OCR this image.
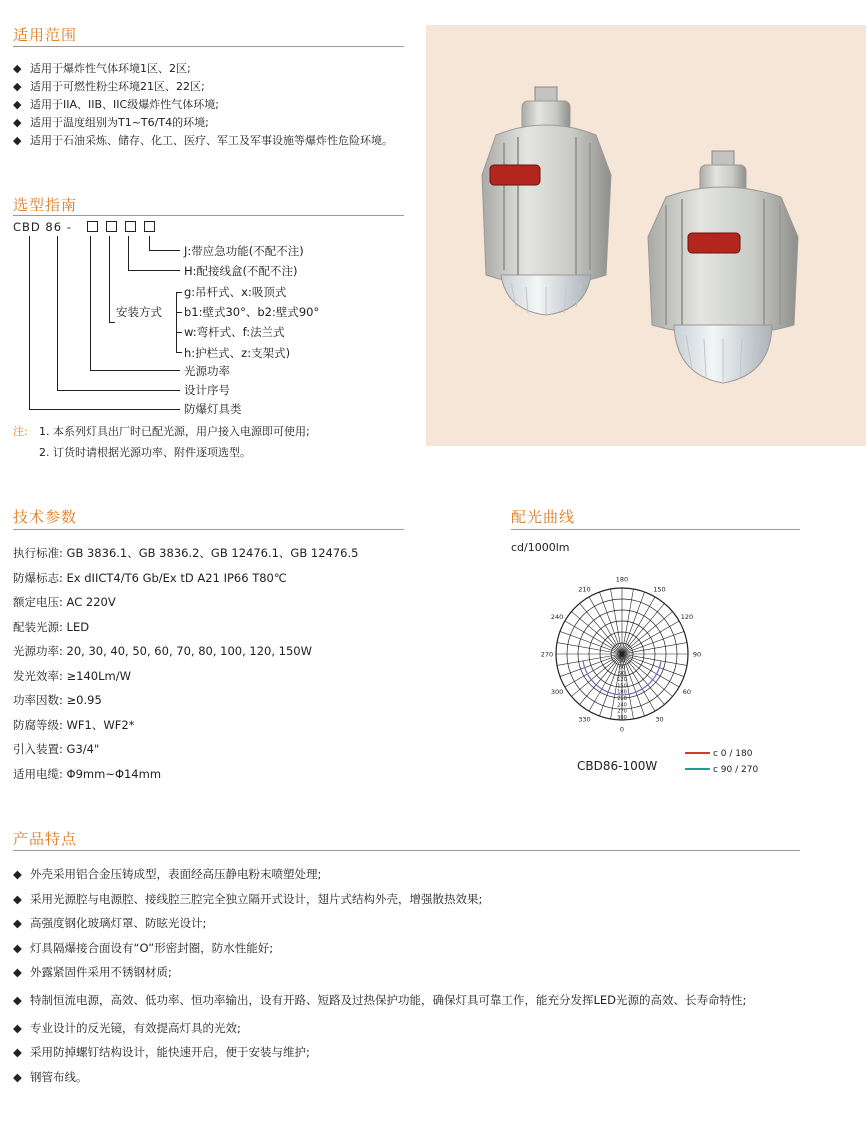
适用范围
◆ 适用于爆炸性气体环境1区、2区;
◆ 适用于可燃性粉尘环境21区、22区;
◆ 适用于IIA、IIB、IIC级爆炸性气体环境;
◆ 适用于温度组别为T1~T6/T4的环境;
◆ 适用于石油采炼、储存、化工、医疗、军工及军事设施等爆炸性危险环境。
选型指南
CBD 86 -
J:带应急功能(不配不注)
H:配接线盒(不配不注)
安装方式
g:吊杆式、x:吸顶式
b1:壁式30°、b2:壁式90°
w:弯杆式、f:法兰式
h:护栏式、z:支架式)
光源功率
设计序号
防爆灯具类
注: 1. 本系列灯具出厂时已配光源，用户接入电源即可使用;
2. 订货时请根据光源功率、附件逐项选型。
技术参数
执行标准: GB 3836.1、GB 3836.2、GB 12476.1、GB 12476.5
防爆标志: Ex dIICT4/T6 Gb/Ex tD A21 IP66 T80℃
额定电压: AC 220V
配装光源: LED
光源功率: 20, 30, 40, 50, 60, 70, 80, 100, 120, 150W
发光效率: ≥140Lm/W
功率因数: ≥0.95
防腐等级: WF1、WF2*
引入装置: G3/4"
适用电缆: Φ9mm~Φ14mm
配光曲线
cd/1000lm
180
150
120
90
60
30
0
330
300
270
240
210
30
60
90
120
150
180
210
240
270
300
CBD86-100W
c 0 / 180
c 90 / 270
产品特点
◆ 外壳采用铝合金压铸成型，表面经高压静电粉末喷塑处理;
◆ 采用光源腔与电源腔、接线腔三腔完全独立隔开式设计，翅片式结构外壳，增强散热效果;
◆ 高强度钢化玻璃灯罩、防眩光设计;
◆ 灯具隔爆接合面设有“O”形密封圈，防水性能好;
◆ 外露紧固件采用不锈钢材质;
◆ 特制恒流电源，高效、低功率、恒功率输出，设有开路、短路及过热保护功能，确保灯具可靠工作，能充分发挥LED光源的高效、长寿命特性;
◆ 专业设计的反光镜，有效提高灯具的光效;
◆ 采用防掉螺钉结构设计，能快速开启，便于安装与维护;
◆ 钢管布线。
